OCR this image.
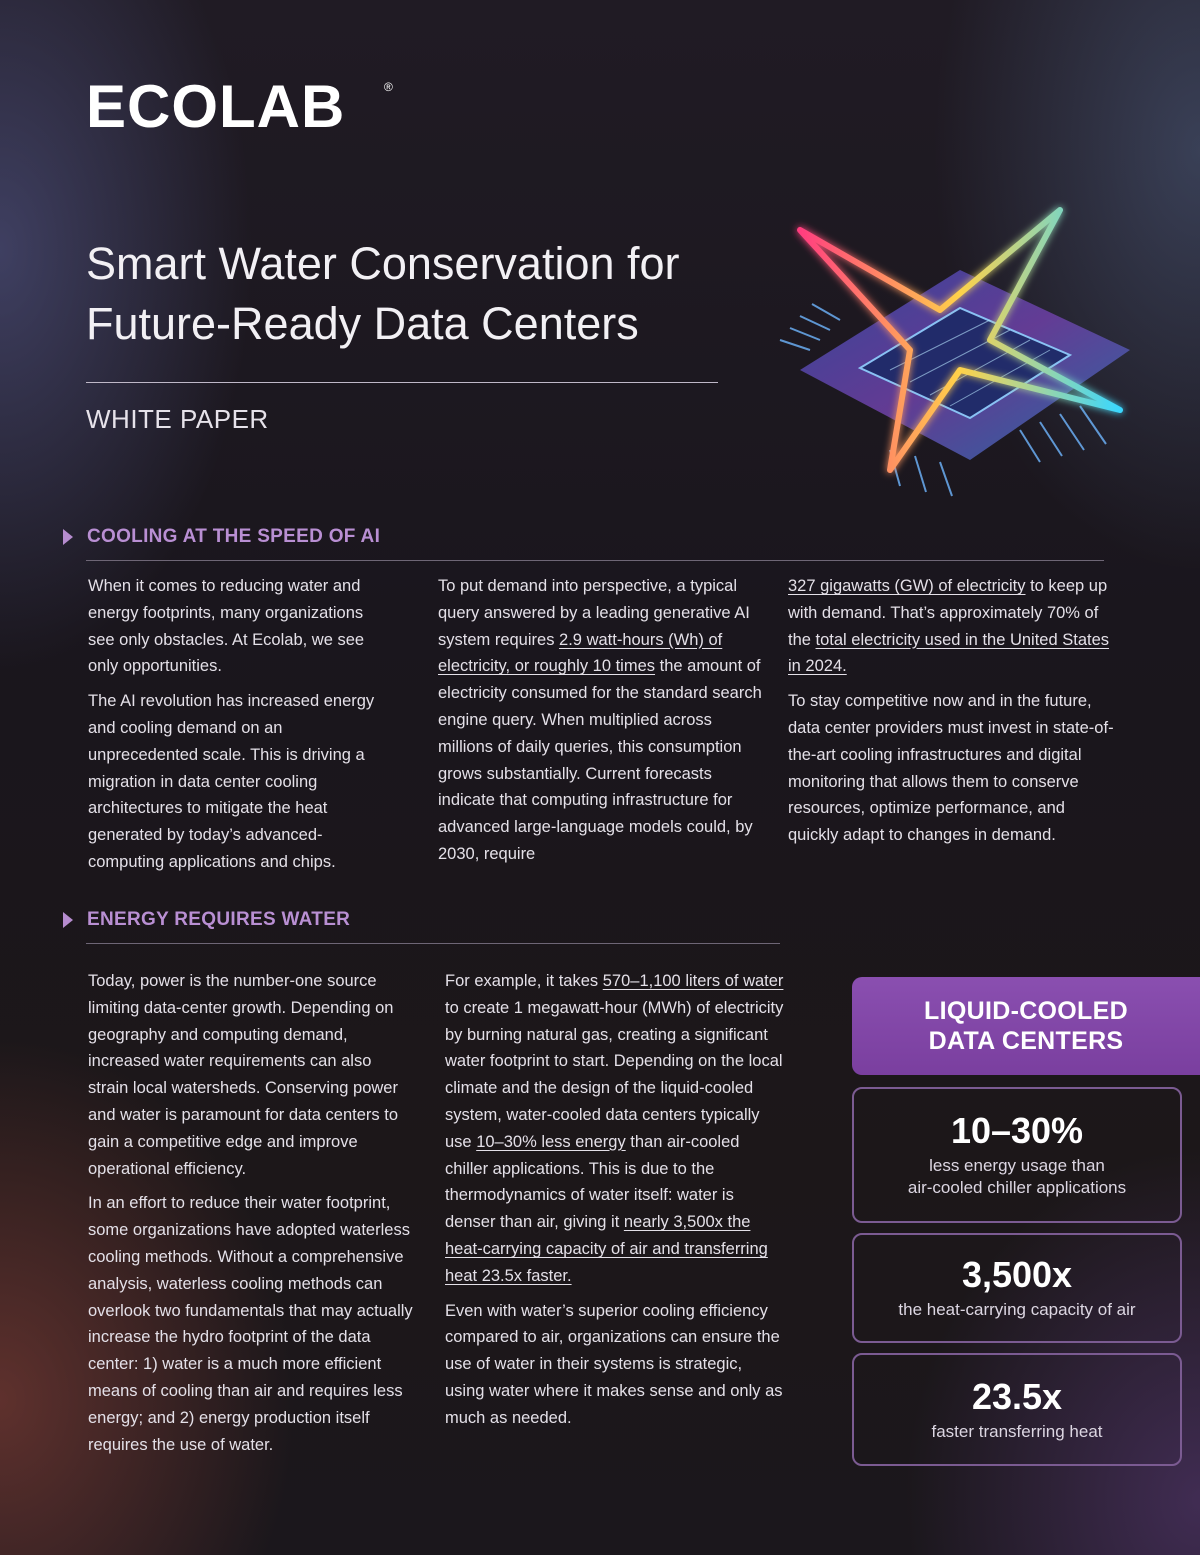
ECOLAB	®
Smart Water Conservation for
Future-Ready Data Centers
WHITE PAPER
COOLING AT THE SPEED OF AI

When it comes to reducing water and energy footprints, many organizations see only obstacles. At Ecolab, we see only opportunities.

The AI revolution has increased energy and cooling demand on an unprecedented scale. This is driving a migration in data center cooling architectures to mitigate the heat generated by today’s advanced-computing applications and chips.

To put demand into perspective, a typical query answered by a leading generative AI system requires 2.9 watt-hours (Wh) of electricity, or roughly 10 times the amount of electricity consumed for the standard search engine query. When multiplied across millions of daily queries, this consumption grows substantially. Current forecasts indicate that computing infrastructure for advanced large-language models could, by 2030, require

327 gigawatts (GW) of electricity to keep up with demand. That’s approximately 70% of the total electricity used in the United States in 2024.

To stay competitive now and in the future, data center providers must invest in state-of-the-art cooling infrastructures and digital monitoring that allows them to conserve resources, optimize performance, and quickly adapt to changes in demand.

ENERGY REQUIRES WATER

Today, power is the number-one source limiting data-center growth. Depending on geography and computing demand, increased water requirements can also strain local watersheds. Conserving power and water is paramount for data centers to gain a competitive edge and improve operational efficiency.

In an effort to reduce their water footprint, some organizations have adopted waterless cooling methods. Without a comprehensive analysis, waterless cooling methods can overlook two fundamentals that may actually increase the hydro footprint of the data center: 1) water is a much more efficient means of cooling than air and requires less energy; and 2) energy production itself requires the use of water.

For example, it takes 570–1,100 liters of water to create 1 megawatt-hour (MWh) of electricity by burning natural gas, creating a significant water footprint to start. Depending on the local climate and the design of the liquid-cooled system, water-cooled data centers typically use 10–30% less energy than air-cooled chiller applications. This is due to the thermodynamics of water itself: water is denser than air, giving it nearly 3,500x the heat-carrying capacity of air and transferring heat 23.5x faster.

Even with water’s superior cooling efficiency compared to air, organizations can ensure the use of water in their systems is strategic, using water where it makes sense and only as much as needed.

LIQUID-COOLED
DATA CENTERS
10–30%
less energy usage than
air-cooled chiller applications
3,500x
the heat-carrying capacity of air
23.5x
faster transferring heat
